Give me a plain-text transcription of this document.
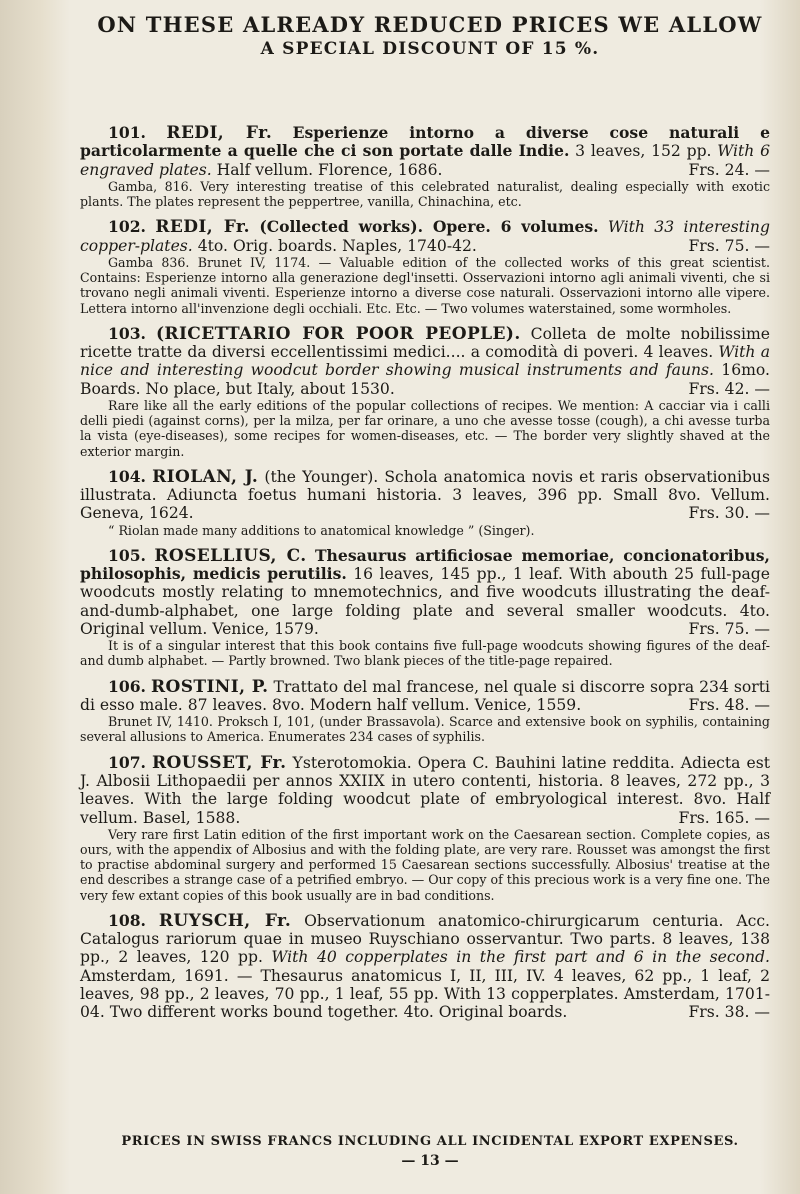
ON THESE ALREADY REDUCED PRICES WE ALLOW
A SPECIAL DISCOUNT OF 15 %.

101. REDI, Fr. Esperienze intorno a diverse cose naturali e particolarmente a quelle che ci son portate dalle Indie. 3 leaves, 152 pp. With 6 engraved plates. Half vellum. Florence, 1686.	Frs. 24. —

Gamba, 816. Very interesting treatise of this celebrated naturalist, dealing especially with exotic plants. The plates represent the peppertree, vanilla, Chinachina, etc.

102. REDI, Fr. (Collected works). Opere. 6 volumes. With 33 interesting copper-plates. 4to. Orig. boards. Naples, 1740-42.	Frs. 75. —

Gamba 836. Brunet IV, 1174. — Valuable edition of the collected works of this great scientist. Contains: Esperienze intorno alla generazione degl'insetti. Osservazioni intorno agli animali viventi, che si trovano negli animali viventi. Esperienze intorno a diverse cose naturali. Osservazioni intorno alle vipere. Lettera intorno all'invenzione degli occhiali. Etc. Etc. — Two volumes waterstained, some wormholes.

103. (RICETTARIO FOR POOR PEOPLE). Colleta de molte nobilissime ricette tratte da diversi eccellentissimi medici.... a comodità di poveri. 4 leaves. With a nice and interesting woodcut border showing musical instruments and fauns. 16mo. Boards. No place, but Italy, about 1530.	Frs. 42. —

Rare like all the early editions of the popular collections of recipes. We mention: A cacciar via i calli delli piedi (against corns), per la milza, per far orinare, a uno che avesse tosse (cough), a chi avesse turba la vista (eye-diseases), some recipes for women-diseases, etc. — The border very slightly shaved at the exterior margin.

104. RIOLAN, J. (the Younger). Schola anatomica novis et raris observationibus illustrata. Adiuncta foetus humani historia. 3 leaves, 396 pp. Small 8vo. Vellum. Geneva, 1624.	Frs. 30. —

“ Riolan made many additions to anatomical knowledge ” (Singer).

105. ROSELLIUS, C. Thesaurus artificiosae memoriae, concionatoribus, philosophis, medicis perutilis. 16 leaves, 145 pp., 1 leaf. With abouth 25 full-page woodcuts mostly relating to mnemotechnics, and five woodcuts illustrating the deaf-and-dumb-alphabet, one large folding plate and several smaller woodcuts. 4to. Original vellum. Venice, 1579.	Frs. 75. —

It is of a singular interest that this book contains five full-page woodcuts showing figures of the deaf-and dumb alphabet. — Partly browned. Two blank pieces of the title-page repaired.

106. ROSTINI, P. Trattato del mal francese, nel quale si discorre sopra 234 sorti di esso male. 87 leaves. 8vo. Modern half vellum. Venice, 1559.	Frs. 48. —

Brunet IV, 1410. Proksch I, 101, (under Brassavola). Scarce and extensive book on syphilis, containing several allusions to America. Enumerates 234 cases of syphilis.

107. ROUSSET, Fr. Ysterotomokia. Opera C. Bauhini latine reddita. Adiecta est J. Albosii Lithopaedii per annos XXIIX in utero contenti, historia. 8 leaves, 272 pp., 3 leaves. With the large folding woodcut plate of embryological interest. 8vo. Half vellum. Basel, 1588.	Frs. 165. —

Very rare first Latin edition of the first important work on the Caesarean section. Complete copies, as ours, with the appendix of Albosius and with the folding plate, are very rare. Rousset was amongst the first to practise abdominal surgery and performed 15 Caesarean sections successfully. Albosius' treatise at the end describes a strange case of a petrified embryo. — Our copy of this precious work is a very fine one. The very few extant copies of this book usually are in bad conditions.

108. RUYSCH, Fr. Observationum anatomico-chirurgicarum centuria. Acc. Catalogus rariorum quae in museo Ruyschiano osservantur. Two parts. 8 leaves, 138 pp., 2 leaves, 120 pp. With 40 copperplates in the first part and 6 in the second. Amsterdam, 1691. — Thesaurus anatomicus I, II, III, IV. 4 leaves, 62 pp., 1 leaf, 2 leaves, 98 pp., 2 leaves, 70 pp., 1 leaf, 55 pp. With 13 copperplates. Amsterdam, 1701-04. Two different works bound together. 4to. Original boards.	Frs. 38. —

PRICES IN SWISS FRANCS INCLUDING ALL INCIDENTAL EXPORT EXPENSES.
— 13 —
